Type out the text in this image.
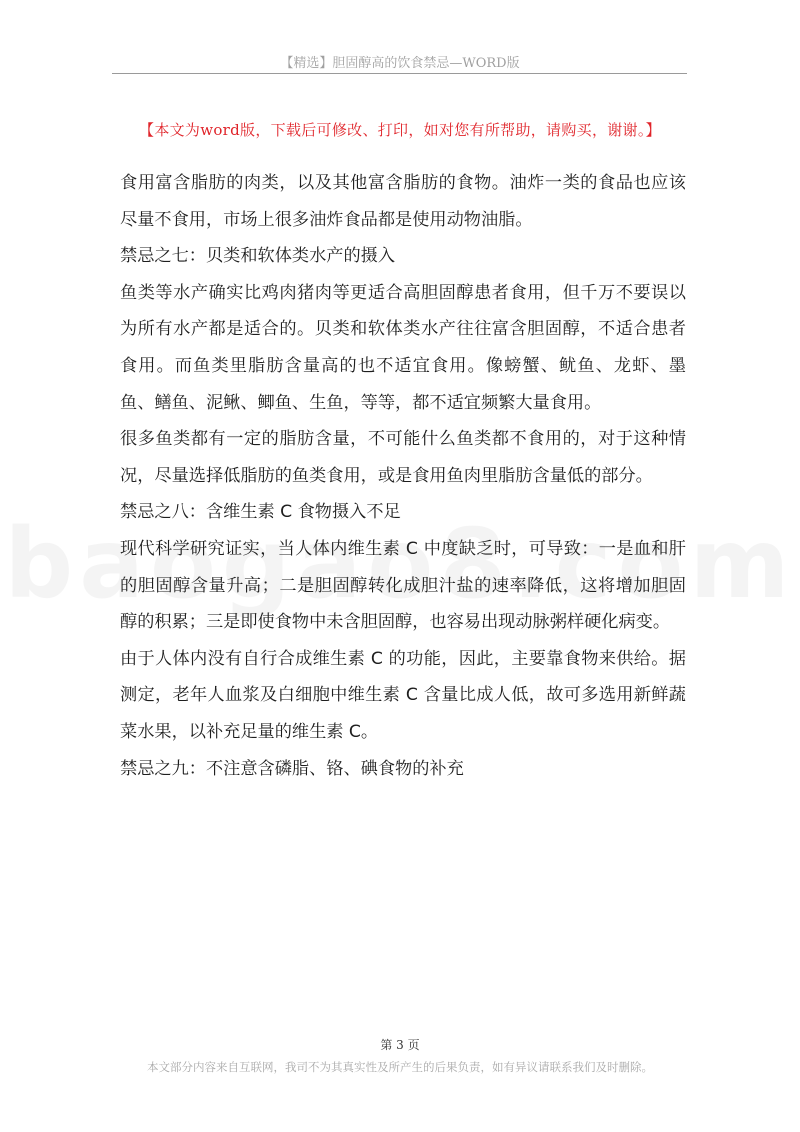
【精选】胆固醇高的饮食禁忌—WORD版
【本文为word版，下载后可修改、打印，如对您有所帮助，请购买，谢谢。】

食用富含脂肪的肉类，以及其他富含脂肪的食物。油炸一类的食品也应该尽量不食用，市场上很多油炸食品都是使用动物油脂。

禁忌之七：贝类和软体类水产的摄入

鱼类等水产确实比鸡肉猪肉等更适合高胆固醇患者食用，但千万不要误以为所有水产都是适合的。贝类和软体类水产往往富含胆固醇，不适合患者食用。而鱼类里脂肪含量高的也不适宜食用。像螃蟹、鱿鱼、龙虾、墨鱼、鳝鱼、泥鳅、鲫鱼、生鱼，等等，都不适宜频繁大量食用。

很多鱼类都有一定的脂肪含量，不可能什么鱼类都不食用的，对于这种情况，尽量选择低脂肪的鱼类食用，或是食用鱼肉里脂肪含量低的部分。

禁忌之八：含维生素 C 食物摄入不足

现代科学研究证实，当人体内维生素 C 中度缺乏时，可导致：一是血和肝的胆固醇含量升高；二是胆固醇转化成胆汁盐的速率降低，这将增加胆固醇的积累；三是即使食物中未含胆固醇，也容易出现动脉粥样硬化病变。

由于人体内没有自行合成维生素 C 的功能，因此，主要靠食物来供给。据测定，老年人血浆及白细胞中维生素 C 含量比成人低，故可多选用新鲜蔬菜水果，以补充足量的维生素 C。

禁忌之九：不注意含磷脂、铬、碘食物的补充

第 3 页
本文部分内容来自互联网，我司不为其真实性及所产生的后果负责，如有异议请联系我们及时删除。
